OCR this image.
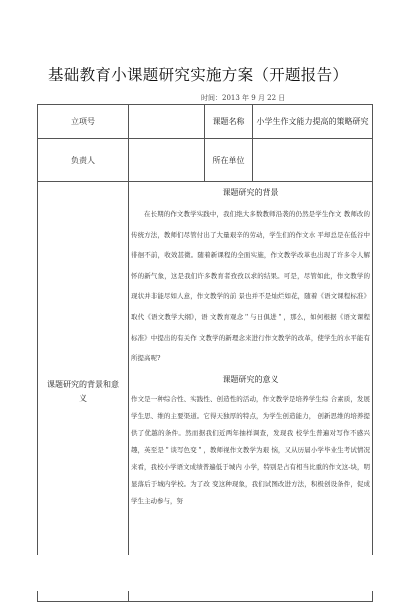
基础教育小课题研究实施方案（开题报告）
时间：2013 年 9 月 22 日
立项号		课题名称	小学生作文能力提高的策略研究
负责人		所在单位	
课题研究的背景和意义	课题研究的背景

在长期的作文教学实践中，我们绝大多数教师沿袭的仍然是学生作文 教师改的传统方法，教师们尽管付出了大量艰辛的劳动，学生们的作文水 平却总是在低谷中徘徊不前，收效甚微。随着新课程的全面实施，作文教学改革也出现了许多令人解怀的新气象，这是我们许多教育者孜孜以求的结果。可是，尽管如此，作文教学的现状并非能尽如人意，作文教学的前 景也并不是灿烂如花，随着《语文课程标准》取代《语文教学大纲》，语 文教育观念＂与日俱进＂，那么，如何根据《语文课程标准》中提出的有关作 文教学的新理念来进行作文教学的改革，使学生的水平能有所提高呢?

课题研究的意义

作文是一种综合性、实践性、创造性的活动，作文教学是培养学生综 合素质，发展学生思、维的主要渠道。它得天独厚的特点，为学生创造能力， 创新思维的培养提供了优越的条件。然而据我们近两年抽样调查，发现我 校学生普遍对写作不感兴趣，英至是＂谈写色变＂，教师视作文教学为艰 恼，又从历届小学毕业生考试情况来看，我校小学语文成绩普遍低于城内 小学，特别是占有相当比重的作文这-块，明显落后于城内学校。为了改 变这种现象，我们试图改进方法，积极创设条件，促成学生主动参与，努		
